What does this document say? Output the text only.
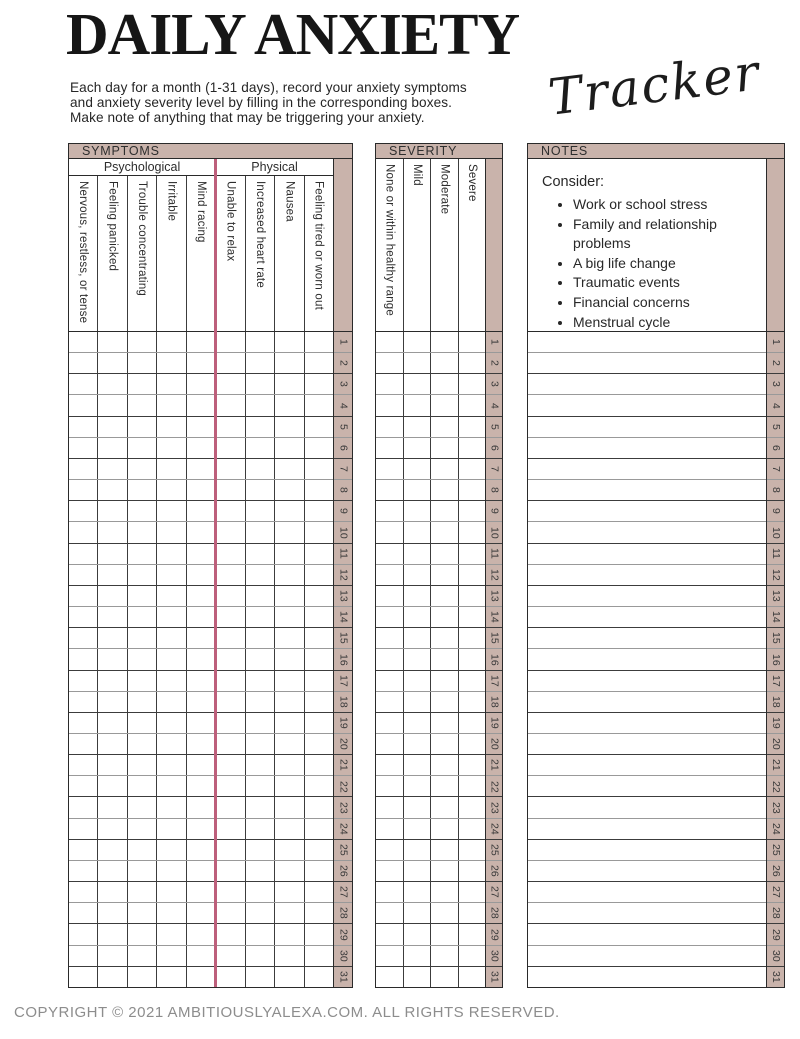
DAILY ANXIETY
Tracker
Each day for a month (1-31 days), record your anxiety symptoms
and anxiety severity level by filling in the corresponding boxes.
Make note of anything that may be triggering your anxiety.
SYMPTOMS
Psychological	Physical
Nervous, restless, or tense Feeling panicked Trouble concentrating Irritable Mind racing Unable to relax Increased heart rate Nausea Feeling tired or worn out
1
2
3
4
5
6
7
8
9
10
11
12
13
14
15
16
17
18
19
20
21
22
23
24
25
26
27
28
29
30
31
SEVERITY
None or within healthy range Mild Moderate Severe
1
2
3
4
5
6
7
8
9
10
11
12
13
14
15
16
17
18
19
20
21
22
23
24
25
26
27
28
29
30
31
NOTES
Consider:
• Work or school stress
• Family and relationship problems
• A big life change
• Traumatic events
• Financial concerns
• Menstrual cycle
1
2
3
4
5
6
7
8
9
10
11
12
13
14
15
16
17
18
19
20
21
22
23
24
25
26
27
28
29
30
31
COPYRIGHT © 2021 AMBITIOUSLYALEXA.COM. ALL RIGHTS RESERVED.
